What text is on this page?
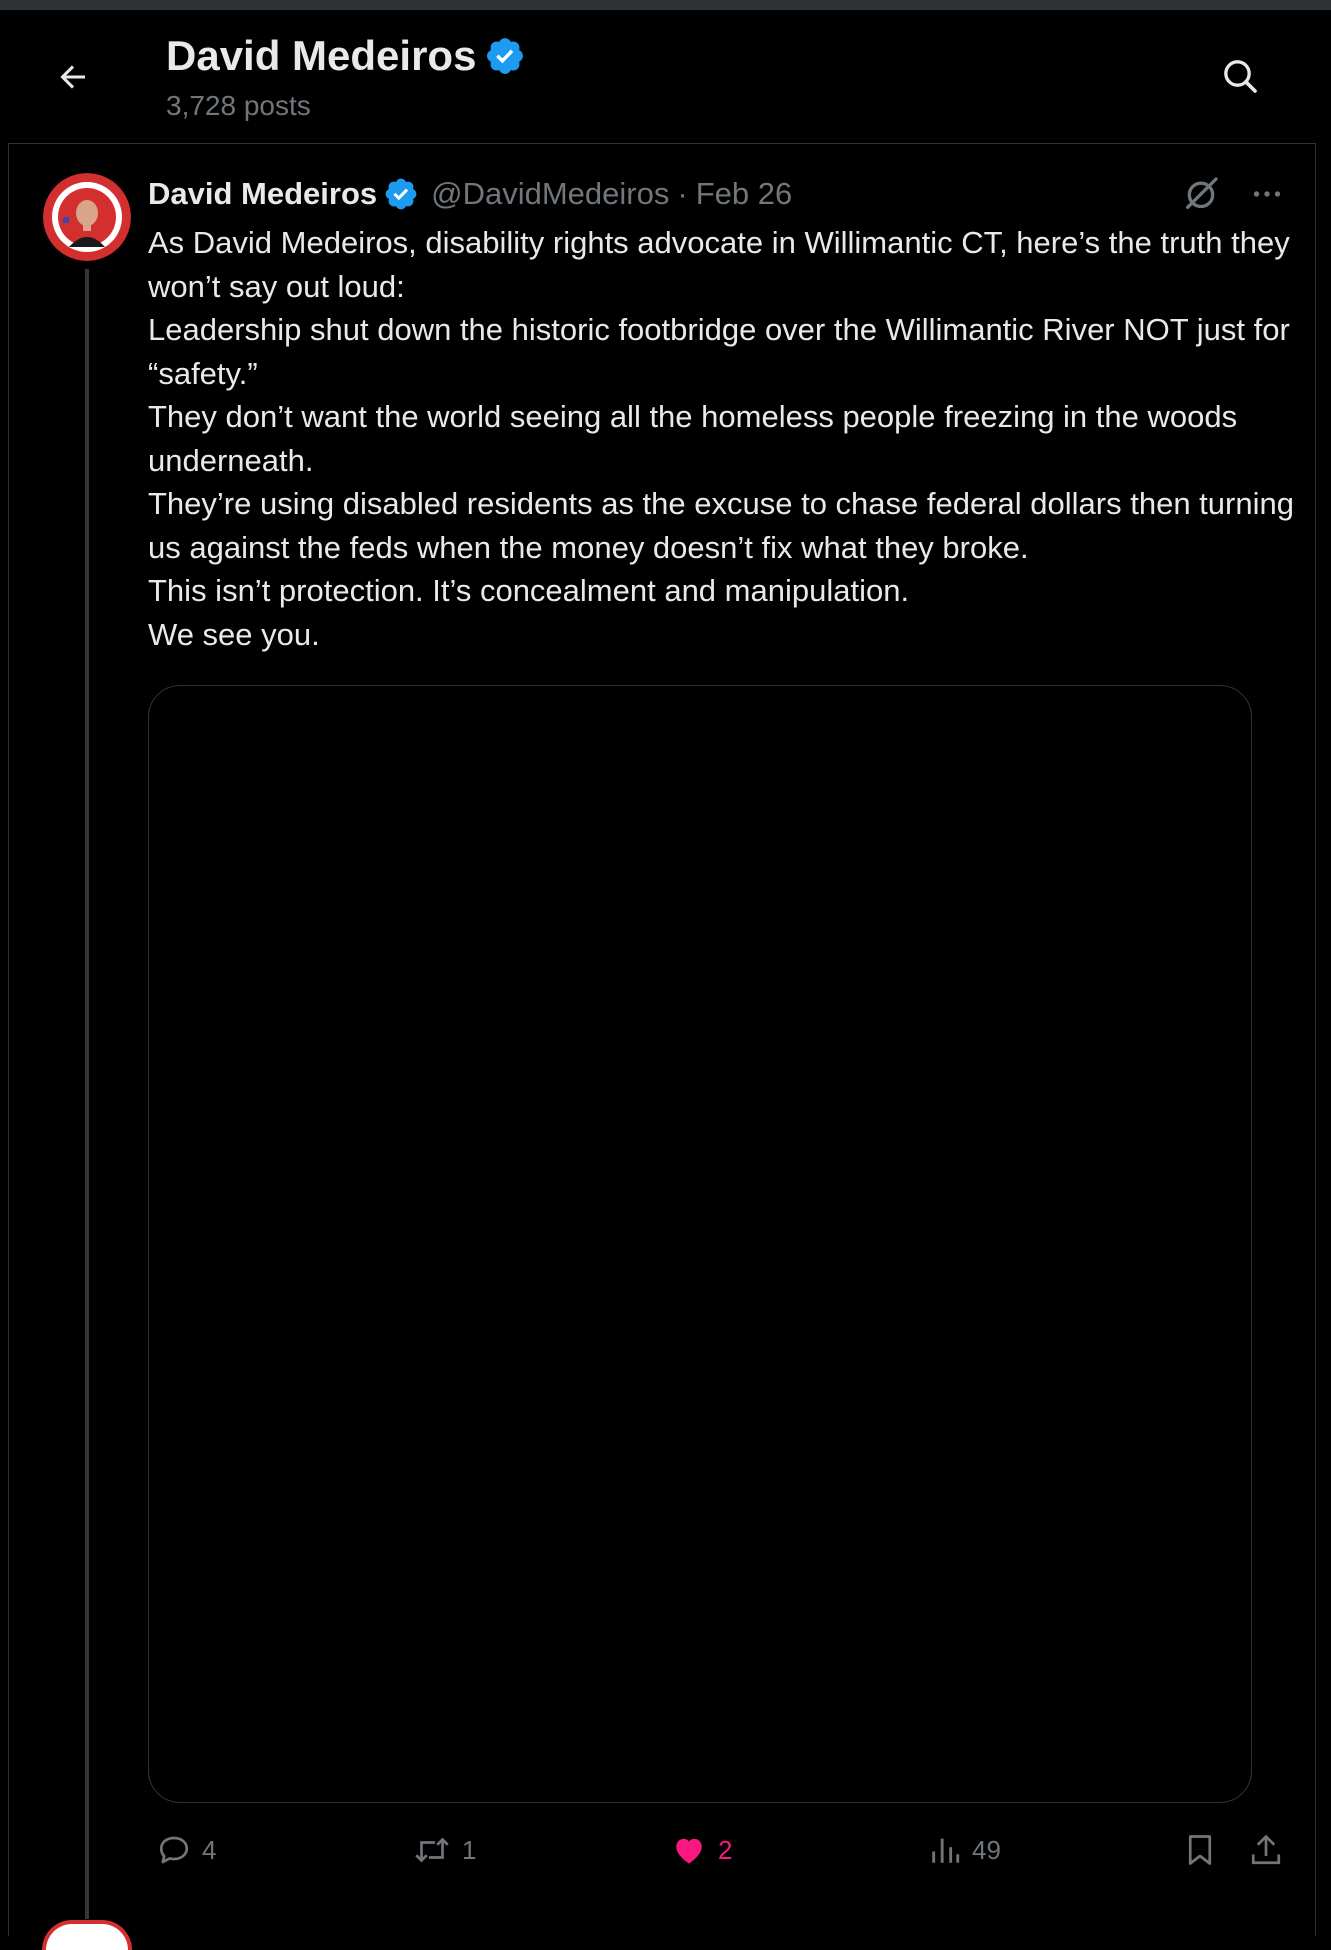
David Medeiros
3,728 posts
David Medeiros @DavidMedeiros · Feb 26

As David Medeiros, disability rights advocate in Willimantic CT, here’s the truth they won’t say out loud:

Leadership shut down the historic footbridge over the Willimantic River NOT just for “safety.”

They don’t want the world seeing all the homeless people freezing in the woods underneath.

They’re using disabled residents as the excuse to chase federal dollars then turning us against the feds when the money doesn’t fix what they broke.

This isn’t protection. It’s concealment and manipulation.

We see you.

4	1	2	49
